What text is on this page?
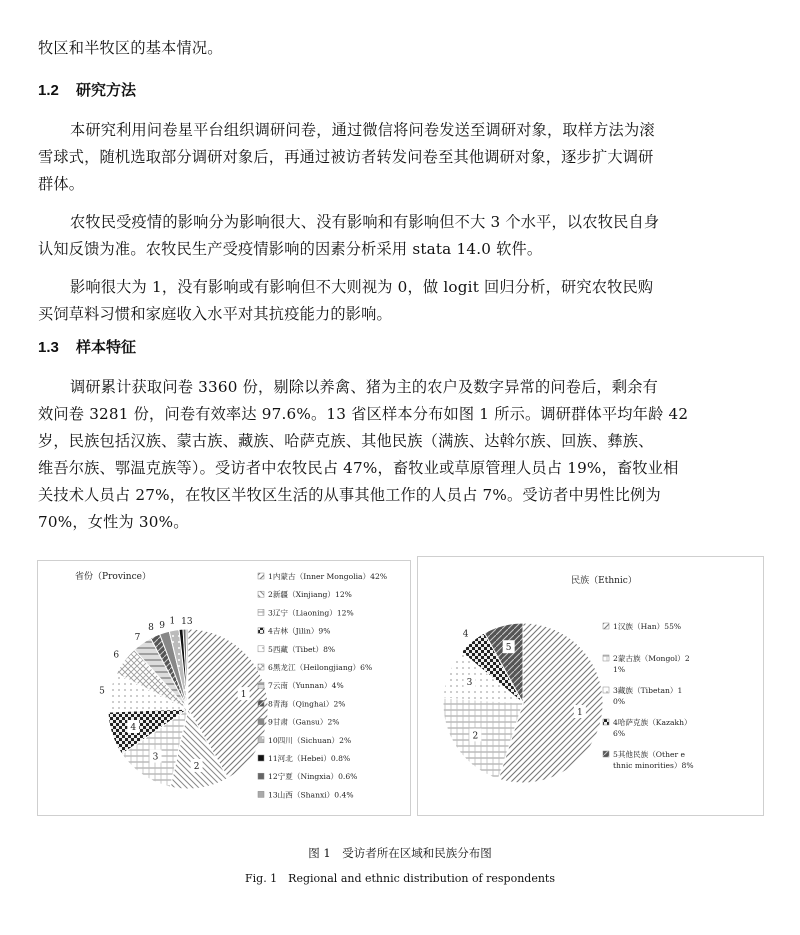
牧区和半牧区的基本情况。
1.2 研究方法
本研究利用问卷星平台组织调研问卷，通过微信将问卷发送至调研对象，取样方法为滚
雪球式，随机选取部分调研对象后，再通过被访者转发问卷至其他调研对象，逐步扩大调研
群体。
农牧民受疫情的影响分为影响很大、没有影响和有影响但不大 3 个水平，以农牧民自身
认知反馈为准。农牧民生产受疫情影响的因素分析采用 stata 14.0 软件。
影响很大为 1，没有影响或有影响但不大则视为 0，做 logit 回归分析，研究农牧民购
买饲草料习惯和家庭收入水平对其抗疫能力的影响。
1.3 样本特征
调研累计获取问卷 3360 份，剔除以养禽、猪为主的农户及数字异常的问卷后，剩余有
效问卷 3281 份，问卷有效率达 97.6%。13 省区样本分布如图 1 所示。调研群体平均年龄 42
岁，民族包括汉族、蒙古族、藏族、哈萨克族、其他民族（满族、达斡尔族、回族、彝族、
维吾尔族、鄂温克族等）。受访者中农牧民占 47%，畜牧业或草原管理人员占 19%，畜牧业相
关技术人员占 27%，在牧区半牧区生活的从事其他工作的人员占 7%。受访者中男性比例为
70%，女性为 30%。
省份（Province）
1
2
3
4
5
6
7
8 9 1 13
1内蒙古（Inner Mongolia）42%
2新疆（Xinjiang）12%
3辽宁（Liaoning）12%
4吉林（Jilin）9%
5西藏（Tibet）8%
6黑龙江（Heilongjiang）6%
7云南（Yunnan）4%
8青海（Qinghai）2%
9甘肃（Gansu）2%
10四川（Sichuan）2%
11河北（Hebei）0.8%
12宁夏（Ningxia）0.6%
13山西（Shanxi）0.4%
民族（Ethnic）
1
2
3
4
5
1汉族（Han）55%
2蒙古族（Mongol）2
1%
3藏族（Tibetan）1
0%
4哈萨克族（Kazakh）
6%
5其他民族（Other e
thnic minorities）8%
图 1　受访者所在区域和民族分布图
Fig. 1　Regional and ethnic distribution of respondents
